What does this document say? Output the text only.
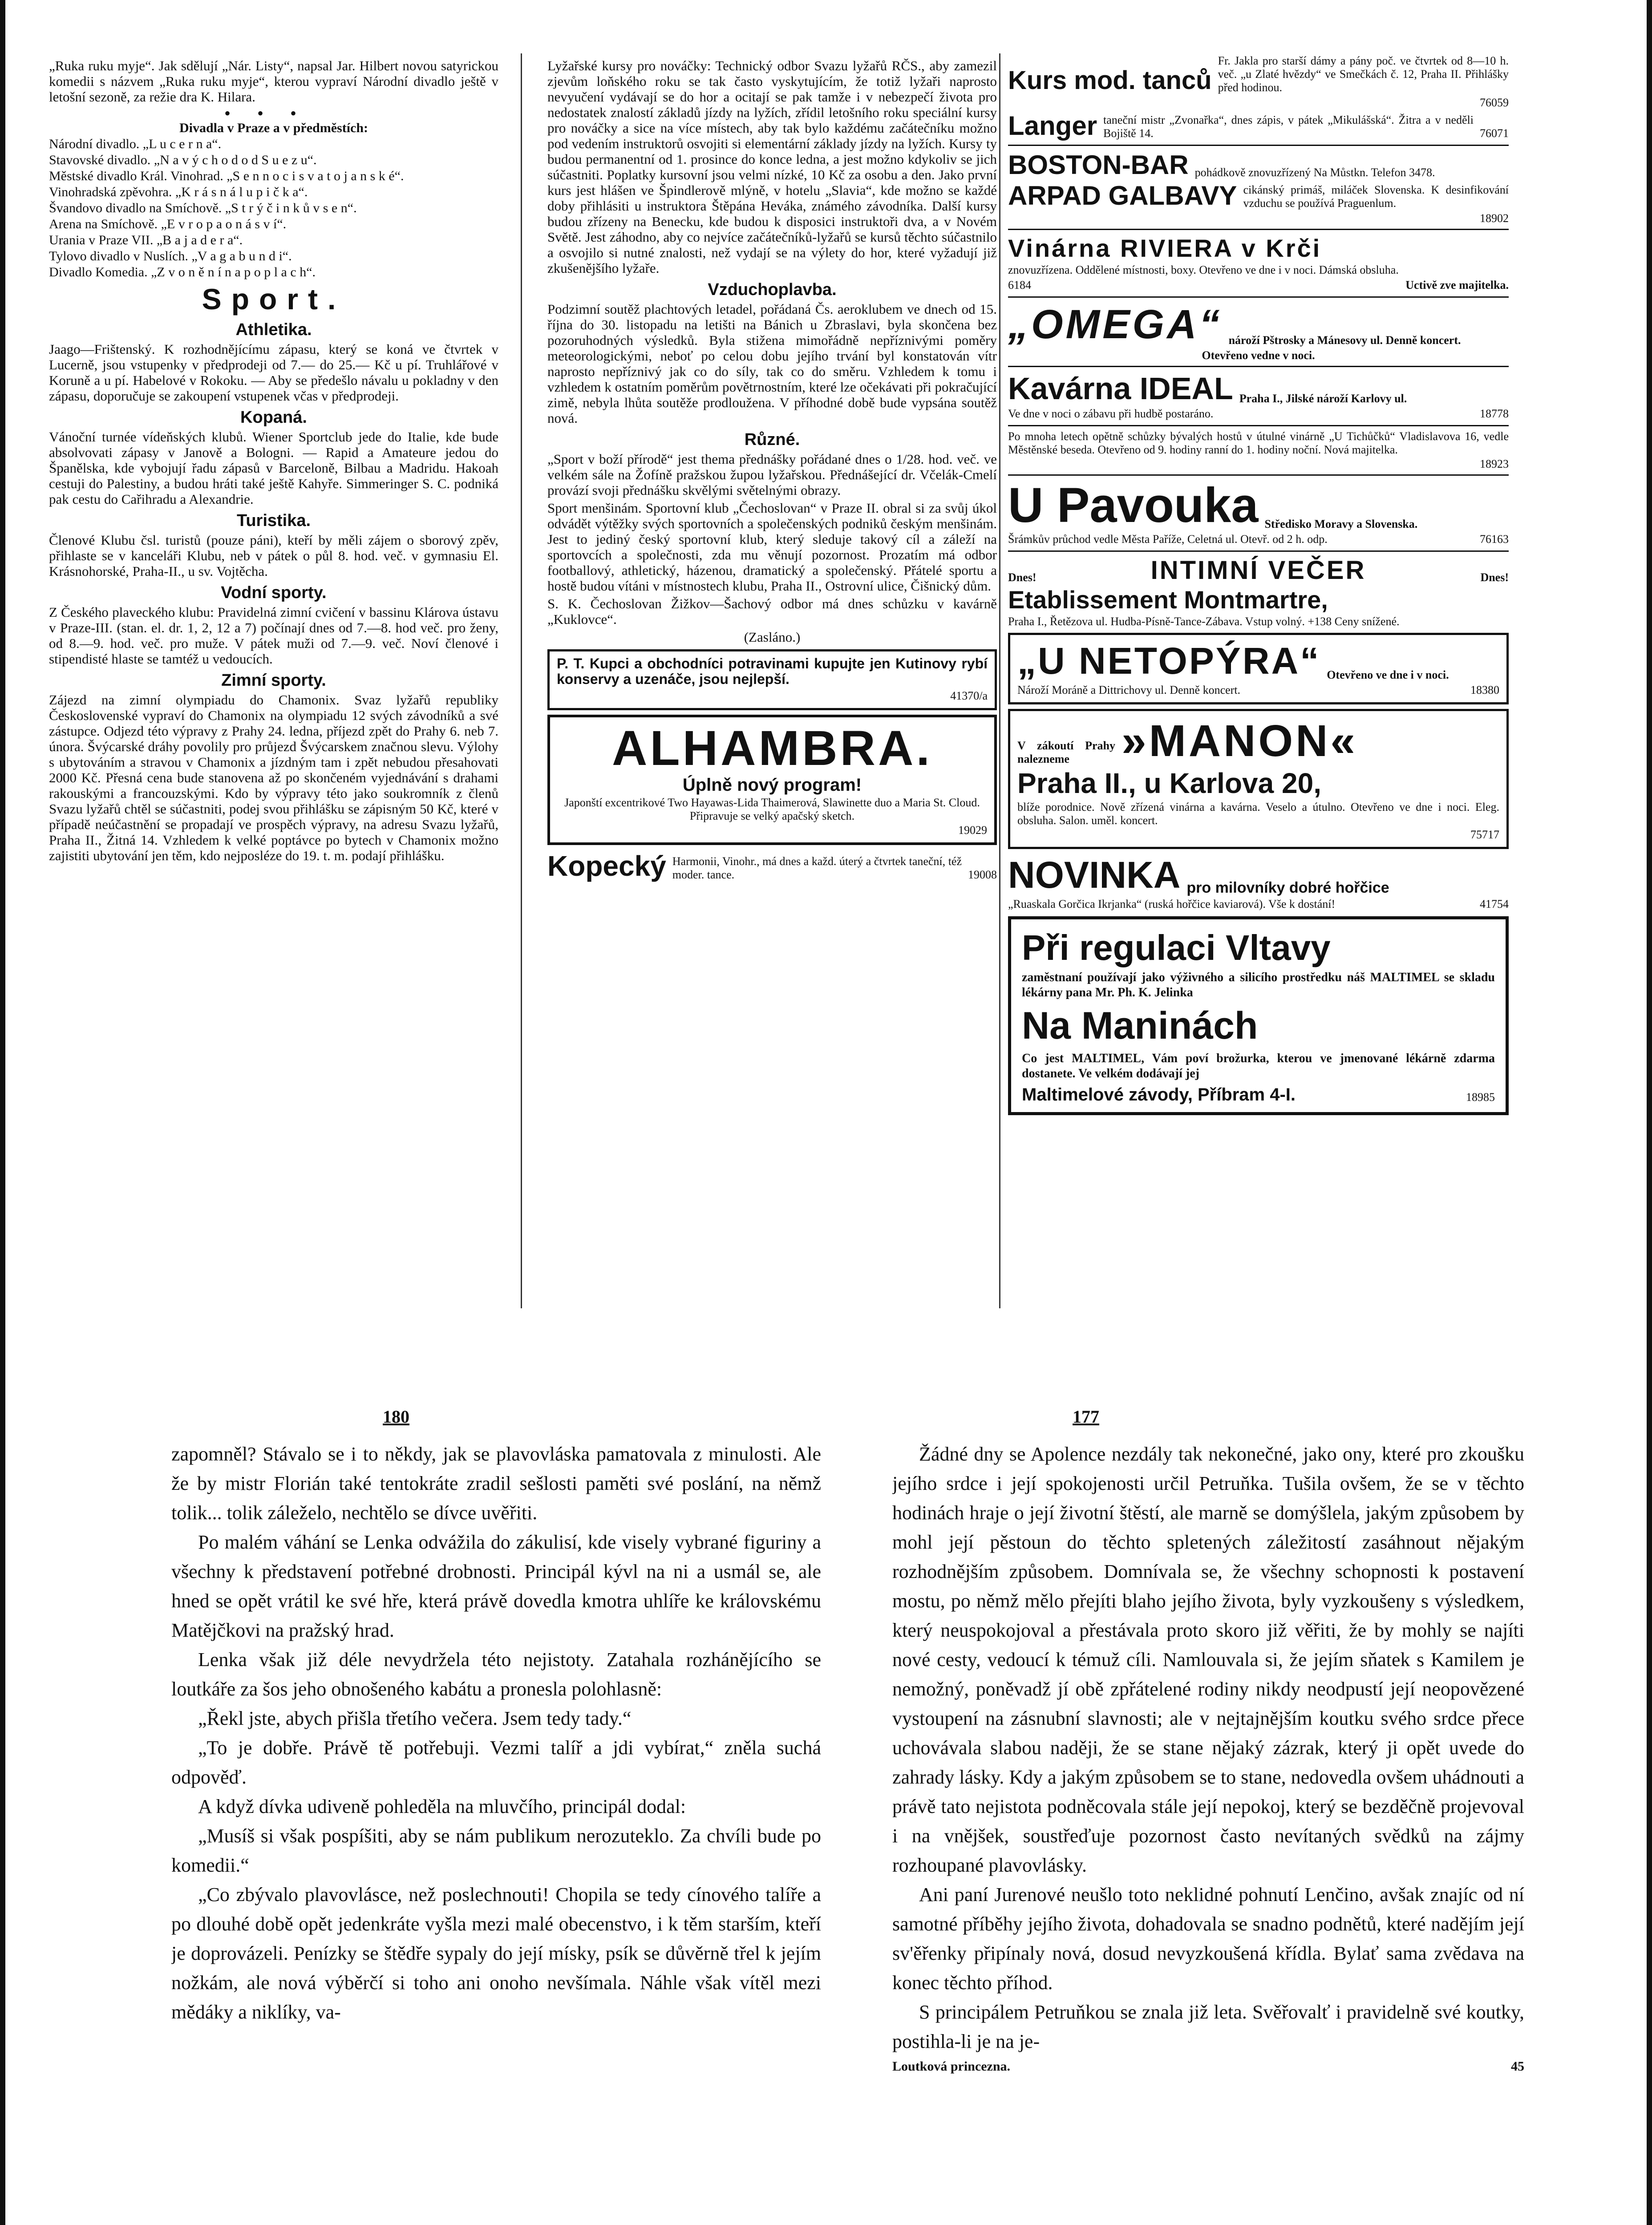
„Ruka ruku myje“. Jak sdělují „Nár. Listy“, napsal Jar. Hilbert novou satyrickou komedii s názvem „Ruka ruku myje“, kterou vypraví Národní divadlo ještě v letošní sezoně, za režie dra K. Hilara.

•••

Divadla v Praze a v předměstích:

Národní divadlo. „L u c e r n a“.

Stavovské divadlo. „N a v ý c h o d o d S u e z u“.

Městské divadlo Král. Vinohrad. „S e n n o c i s v a t o j a n s k é“.

Vinohradská zpěvohra. „K r á s n á l u p i č k a“.

Švandovo divadlo na Smíchově. „S t r ý č i n k ů v s e n“.

Arena na Smíchově. „E v r o p a o n á s v í“.

Urania v Praze VII. „B a j a d e r a“.

Tylovo divadlo v Nuslích. „V a g a b u n d i“.

Divadlo Komedia. „Z v o n ě n í n a p o p l a c h“.

Sport.
Athletika.

Jaago—Frištenský. K rozhodnějícímu zápasu, který se koná ve čtvrtek v Lucerně, jsou vstupenky v předprodeji od 7.— do 25.— Kč u pí. Truhlářové v Koruně a u pí. Habelové v Rokoku. — Aby se předešlo návalu u pokladny v den zápasu, doporučuje se zakoupení vstupenek včas v předprodeji.

Kopaná.

Vánoční turnée vídeňských klubů. Wiener Sportclub jede do Italie, kde bude absolvovati zápasy v Janově a Bologni. — Rapid a Amateure jedou do Španělska, kde vybojují řadu zápasů v Barceloně, Bilbau a Madridu. Hakoah cestuji do Palestiny, a budou hráti také ještě Kahyře. Simmeringer S. C. podniká pak cestu do Cařihradu a Alexandrie.

Turistika.

Členové Klubu čsl. turistů (pouze páni), kteří by měli zájem o sborový zpěv, přihlaste se v kanceláři Klubu, neb v pátek o půl 8. hod. več. v gymnasiu El. Krásnohorské, Praha-II., u sv. Vojtěcha.

Vodní sporty.

Z Českého plaveckého klubu: Pravidelná zimní cvičení v bassinu Klárova ústavu v Praze-III. (stan. el. dr. 1, 2, 12 a 7) počínají dnes od 7.—8. hod več. pro ženy, od 8.—9. hod. več. pro muže. V pátek muži od 7.—9. več. Noví členové i stipendisté hlaste se tamtéž u vedoucích.

Zimní sporty.

Zájezd na zimní olympiadu do Chamonix. Svaz lyžařů republiky Československé vypraví do Chamonix na olympiadu 12 svých závodníků a své zástupce. Odjezd této výpravy z Prahy 24. ledna, příjezd zpět do Prahy 6. neb 7. února. Švýcarské dráhy povolily pro průjezd Švýcarskem značnou slevu. Výlohy s ubytováním a stravou v Chamonix a jízdným tam i zpět nebudou přesahovati 2000 Kč. Přesná cena bude stanovena až po skončeném vyjednávání s drahami rakouskými a francouzskými. Kdo by výpravy této jako soukromník z členů Svazu lyžařů chtěl se súčastniti, podej svou přihlášku se zápisným 50 Kč, které v případě neúčastnění se propadají ve prospěch výpravy, na adresu Svazu lyžařů, Praha II., Žitná 14. Vzhledem k velké poptávce po bytech v Chamonix možno zajistiti ubytování jen těm, kdo nejposléze do 19. t. m. podají přihlášku.

Lyžařské kursy pro nováčky: Technický odbor Svazu lyžařů RČS., aby zamezil zjevům loňského roku se tak často vyskytujícím, že totiž lyžaři naprosto nevyučení vydávají se do hor a ocitají se pak tamže i v nebezpečí života pro nedostatek znalostí základů jízdy na lyžích, zřídil letošního roku speciální kursy pro nováčky a sice na více místech, aby tak bylo každému začátečníku možno pod vedením instruktorů osvojiti si elementární základy jízdy na lyžích. Kursy ty budou permanentní od 1. prosince do konce ledna, a jest možno kdykoliv se jich súčastniti. Poplatky kursovní jsou velmi nízké, 10 Kč za osobu a den. Jako první kurs jest hlášen ve Špindlerově mlýně, v hotelu „Slavia“, kde možno se každé doby přihlásiti u instruktora Štěpána Heváka, známého závodníka. Další kursy budou zřízeny na Benecku, kde budou k disposici instruktoři dva, a v Novém Světě. Jest záhodno, aby co nejvíce začátečníků-lyžařů se kursů těchto súčastnilo a osvojilo si nutné znalosti, než vydají se na výlety do hor, které vyžadují již zkušenějšího lyžaře.

Vzduchoplavba.

Podzimní soutěž plachtových letadel, pořádaná Čs. aeroklubem ve dnech od 15. října do 30. listopadu na letišti na Bánich u Zbraslavi, byla skončena bez pozoruhodných výsledků. Byla stižena mimořádně nepříznivými poměry meteorologickými, neboť po celou dobu jejího trvání byl konstatován vítr naprosto nepříznivý jak co do síly, tak co do směru. Vzhledem k tomu i vzhledem k ostatním poměrům povětrnostním, které lze očekávati při pokračující zimě, nebyla lhůta soutěže prodloužena. V příhodné době bude vypsána soutěž nová.

Různé.

„Sport v boží přírodě“ jest thema přednášky pořádané dnes o 1/28. hod. več. ve velkém sále na Žofíně pražskou župou lyžařskou. Přednášející dr. Včelák-Cmelí provází svoji přednášku skvělými světelnými obrazy.

Sport menšinám. Sportovní klub „Čechoslovan“ v Praze II. obral si za svůj úkol odvádět výtěžky svých sportovních a společenských podniků českým menšinám. Jest to jediný český sportovní klub, který sleduje takový cíl a záleží na sportovcích a společnosti, zda mu věnují pozornost. Prozatím má odbor footballový, athletický, házenou, dramatický a společenský. Přátelé sportu a hostě budou vítáni v místnostech klubu, Praha II., Ostrovní ulice, Čišnický dům.

S. K. Čechoslovan Žižkov—Šachový odbor má dnes schůzku v kavárně „Kuklovce“.

(Zasláno.)

P. T. Kupci a obchodníci potravinami kupujte jen Kutinovy rybí konservy a uzenáče, jsou nejlepší.

41370/a

ALHAMBRA.
Úplně nový program!

Japonští excentrikové Two Hayawas-Lida Thaimerová, Slawinette duo a Maria St. Cloud. Připravuje se velký apačský sketch.

19029

Kopecký Harmonii, Vinohr., má dnes a každ. úterý a čtvrtek taneční, též moder. tance.	19008
Kurs mod. tanců
Fr. Jakla pro starší dámy a pány poč. ve čtvrtek od 8—10 h. več. „u Zlaté hvězdy“ ve Smečkách č. 12, Praha II. Přihlášky před hodinou.

76059

Langer taneční mistr „Zvonařka“, dnes zápis, v pátek „Mikulášská“. Žitra a v neděli Bojiště 14.	76071
BOSTON-BAR pohádkově znovuzřízený Na Můstkn. Telefon 3478.
ARPAD GALBAVY cikánský primáš, miláček Slovenska. K desinfikování vzduchu se používá Praguenlum.

18902

Vinárna RIVIERA v Krči

znovuzřízena. Oddělené místnosti, boxy. Otevřeno ve dne i v noci. Dámská obsluha.

6184	Uctivě zve majitelka.
„OMEGA“ nároží Pštrosky a Mánesovy ul. Denně koncert.

Otevřeno vedne v noci.

Kavárna IDEAL Praha I., Jilské nároží Karlovy ul.
Ve dne v noci o zábavu při hudbě postaráno.	18778

Po mnoha letech opětně schůzky bývalých hostů v útulné vinárně „U Tichůčků“ Vladislavova 16, vedle Městěnské beseda. Otevřeno od 9. hodiny ranní do 1. hodiny noční. Nová majitelka.

18923

U Pavouka Středisko Moravy a Slovenska.
Šrámkův průchod vedle Města Paříže, Celetná ul. Otevř. od 2 h. odp.	76163
Dnes!	INTIMNÍ VEČER	Dnes!
Etablissement Montmartre,

Praha I., Řetězova ul. Hudba-Písně-Tance-Zábava. Vstup volný. +138 Ceny snížené.

„U NETOPÝRA“ Otevřeno ve dne i v noci.
Nároží Moráně a Dittrichovy ul. Denně koncert.	18380
V zákoutí Prahy nalezneme	»MANON«
Praha II., u Karlova 20,

blíže porodnice. Nově zřízená vinárna a kavárna. Veselo a útulno. Otevřeno ve dne i noci. Eleg. obsluha. Salon. uměl. koncert.

75717

NOVINKA pro milovníky dobré hořčice
„Ruaskala Gorčica Ikrjanka“ (ruská hořčice kaviarová). Vše k dostání!	41754
Při regulaci Vltavy

zaměstnaní používají jako výživného a silicího prostředku náš MALTIMEL se skladu lékárny pana Mr. Ph. K. Jelinka

Na Maninách

Co jest MALTIMEL, Vám poví brožurka, kterou ve jmenované lékárně zdarma dostanete. Ve velkém dodávají jej

Maltimelové závody, Příbram 4-I.	18985
180	177

zapomněl? Stávalo se i to někdy, jak se plavovláska pamatovala z minulosti. Ale že by mistr Florián také tentokráte zradil sešlosti paměti své poslání, na němž tolik... tolik záleželo, nechtělo se dívce uvěřiti.

Po malém váhání se Lenka odvážila do zákulisí, kde visely vybrané figuriny a všechny k představení potřebné drobnosti. Principál kývl na ni a usmál se, ale hned se opět vrátil ke své hře, která právě dovedla kmotra uhlíře ke královskému Matějčkovi na pražský hrad.

Lenka však již déle nevydržela této nejistoty. Zatahala rozhánějícího se loutkáře za šos jeho obnošeného kabátu a pronesla polohlasně:

„Řekl jste, abych přišla třetího večera. Jsem tedy tady.“

„To je dobře. Právě tě potřebuji. Vezmi talíř a jdi vybírat,“ zněla suchá odpověď.

A když dívka udiveně pohleděla na mluvčího, principál dodal:

„Musíš si však pospíšiti, aby se nám publikum nerozuteklo. Za chvíli bude po komedii.“

„Co zbývalo plavovlásce, než poslechnouti! Chopila se tedy cínového talíře a po dlouhé době opět jedenkráte vyšla mezi malé obecenstvo, i k těm starším, kteří je doprovázeli. Penízky se štědře sypaly do její mísky, psík se důvěrně třel k jejím nožkám, ale nová výběrčí si toho ani onoho nevšímala. Náhle však vítěl mezi mědáky a niklíky, va-

Žádné dny se Apolence nezdály tak nekonečné, jako ony, které pro zkoušku jejího srdce i její spokojenosti určil Petruňka. Tušila ovšem, že se v těchto hodinách hraje o její životní štěstí, ale marně se domýšlela, jakým způsobem by mohl její pěstoun do těchto spletených záležitostí zasáhnout nějakým rozhodnějším způsobem. Domnívala se, že všechny schopnosti k postavení mostu, po němž mělo přejíti blaho jejího života, byly vyzkoušeny s výsledkem, který neuspokojoval a přestávala proto skoro již věřiti, že by mohly se najíti nové cesty, vedoucí k témuž cíli. Namlouvala si, že jejím sňatek s Kamilem je nemožný, poněvadž jí obě zpřátelené rodiny nikdy neodpustí její neopovězené vystoupení na zásnubní slavnosti; ale v nejtajnějším koutku svého srdce přece uchovávala slabou naději, že se stane nějaký zázrak, který ji opět uvede do zahrady lásky. Kdy a jakým způsobem se to stane, nedovedla ovšem uhádnouti a právě tato nejistota podněcovala stále její nepokoj, který se bezděčně projevoval i na vnějšek, soustřeďuje pozornost často nevítaných svědků na zájmy rozhoupané plavovlásky.

Ani paní Jurenové neušlo toto neklidné pohnutí Lenčino, avšak znajíc od ní samotné příběhy jejího života, dohadovala se snadno podnětů, které nadějím její sv'ěřenky připínaly nová, dosud nevyzkoušená křídla. Bylať sama zvědava na konec těchto příhod.

S principálem Petruňkou se znala již leta. Svěřovalť i pravidelně své koutky, postihla-li je na je-

Loutková princezna.	45
